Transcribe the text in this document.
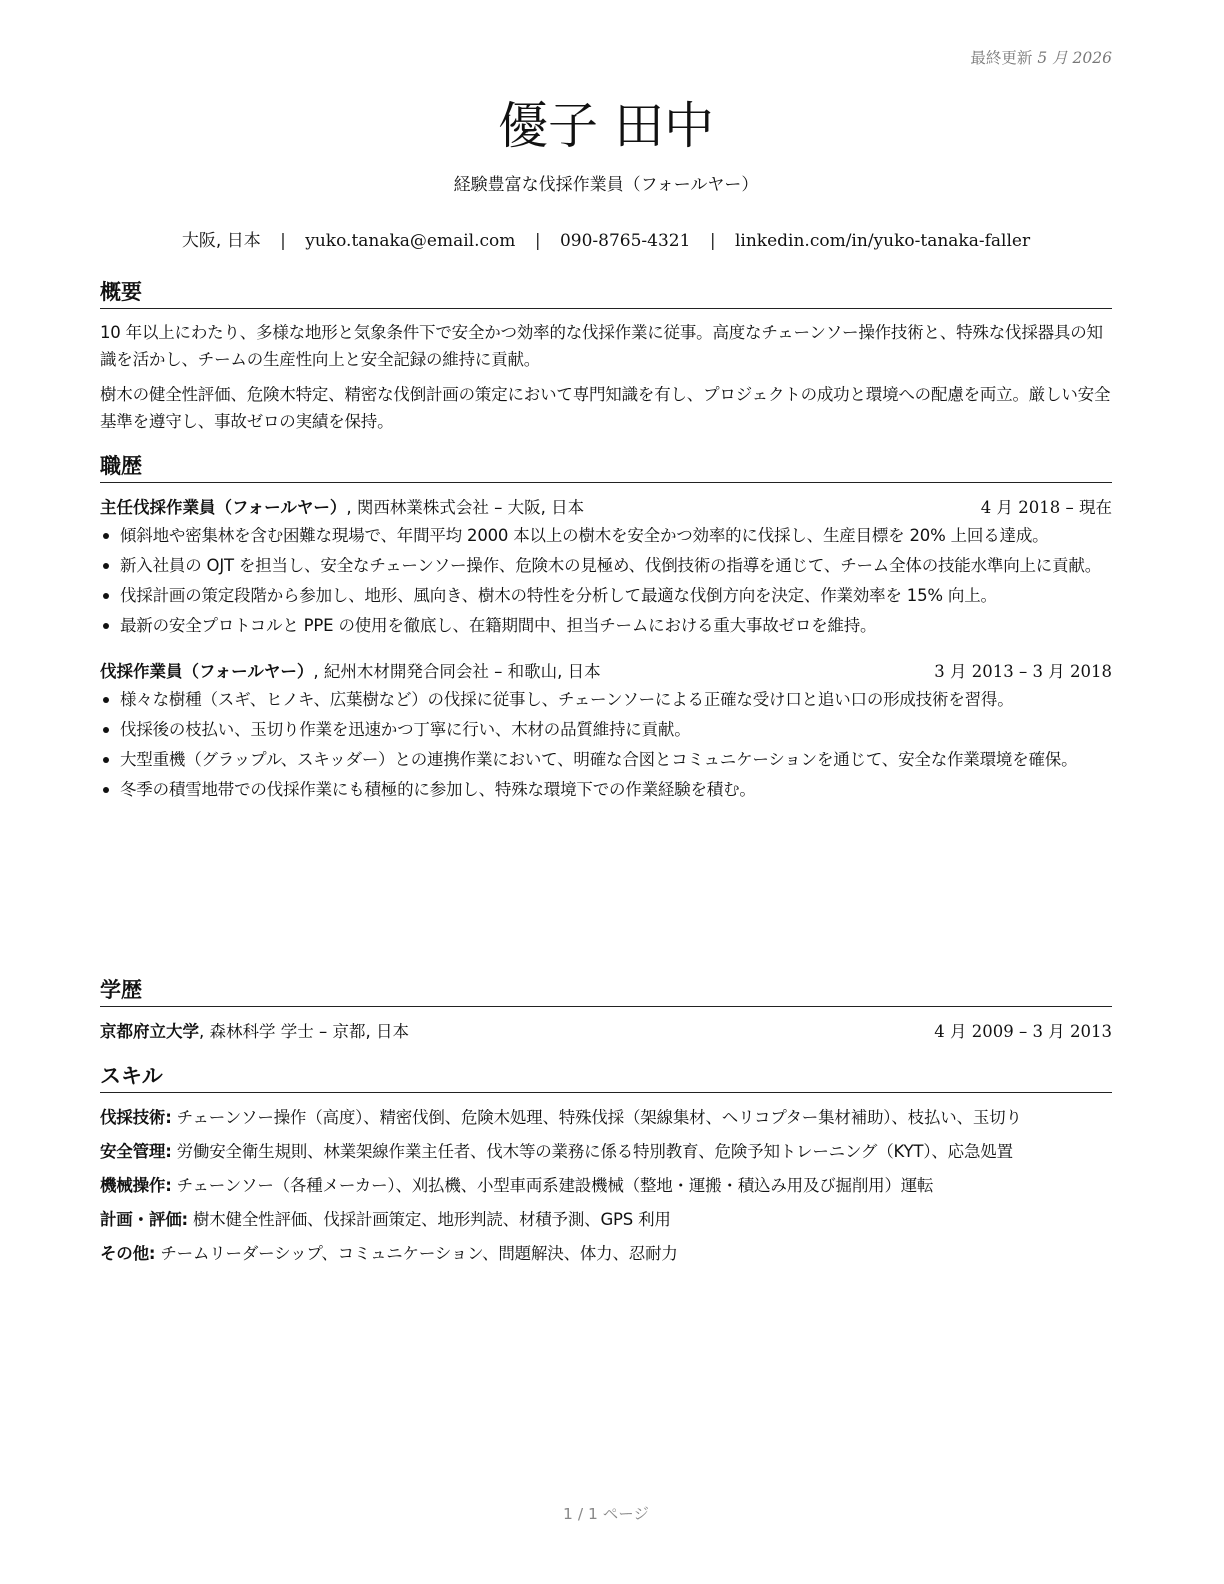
最終更新 5 月 2026
優子 田中
経験豊富な伐採作業員（フォールヤー）
大阪, 日本 | yuko.tanaka@email.com | 090-8765-4321 | linkedin.com/in/yuko-tanaka-faller
概要

10 年以上にわたり、多様な地形と気象条件下で安全かつ効率的な伐採作業に従事。高度なチェーンソー操作技術と、特殊な伐採器具の知識を活かし、チームの生産性向上と安全記録の維持に貢献。

樹木の健全性評価、危険木特定、精密な伐倒計画の策定において専門知識を有し、プロジェクトの成功と環境への配慮を両立。厳しい安全基準を遵守し、事故ゼロの実績を保持。

職歴
主任伐採作業員（フォールヤー）, 関西林業株式会社 – 大阪, 日本	4 月 2018 – 現在
傾斜地や密集林を含む困難な現場で、年間平均 2000 本以上の樹木を安全かつ効率的に伐採し、生産目標を 20% 上回る達成。
新入社員の OJT を担当し、安全なチェーンソー操作、危険木の見極め、伐倒技術の指導を通じて、チーム全体の技能水準向上に貢献。
伐採計画の策定段階から参加し、地形、風向き、樹木の特性を分析して最適な伐倒方向を決定、作業効率を 15% 向上。
最新の安全プロトコルと PPE の使用を徹底し、在籍期間中、担当チームにおける重大事故ゼロを維持。
伐採作業員（フォールヤー）, 紀州木材開発合同会社 – 和歌山, 日本	3 月 2013 – 3 月 2018
様々な樹種（スギ、ヒノキ、広葉樹など）の伐採に従事し、チェーンソーによる正確な受け口と追い口の形成技術を習得。
伐採後の枝払い、玉切り作業を迅速かつ丁寧に行い、木材の品質維持に貢献。
大型重機（グラップル、スキッダー）との連携作業において、明確な合図とコミュニケーションを通じて、安全な作業環境を確保。
冬季の積雪地帯での伐採作業にも積極的に参加し、特殊な環境下での作業経験を積む。
学歴
京都府立大学, 森林科学 学士 – 京都, 日本	4 月 2009 – 3 月 2013
スキル

伐採技術: チェーンソー操作（高度）、精密伐倒、危険木処理、特殊伐採（架線集材、ヘリコプター集材補助）、枝払い、玉切り

安全管理: 労働安全衛生規則、林業架線作業主任者、伐木等の業務に係る特別教育、危険予知トレーニング（KYT）、応急処置

機械操作: チェーンソー（各種メーカー）、刈払機、小型車両系建設機械（整地・運搬・積込み用及び掘削用）運転

計画・評価: 樹木健全性評価、伐採計画策定、地形判読、材積予測、GPS 利用

その他: チームリーダーシップ、コミュニケーション、問題解決、体力、忍耐力

1 / 1 ページ
